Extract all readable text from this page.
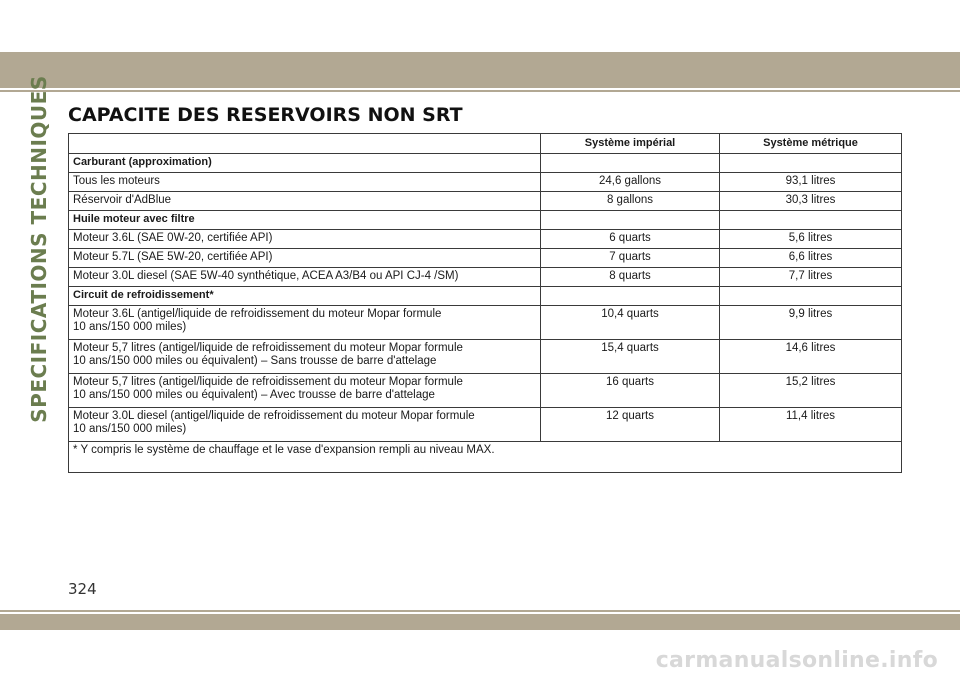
SPECIFICATIONS TECHNIQUES CAPACITE DES RESERVOIRS NON SRT
	Système impérial	Système métrique
Carburant (approximation)		
Tous les moteurs	24,6 gallons	93,1 litres
Réservoir d'AdBlue	8 gallons	30,3 litres
Huile moteur avec filtre		
Moteur 3.6L (SAE 0W-20, certifiée API)	6 quarts	5,6 litres
Moteur 5.7L (SAE 5W-20, certifiée API)	7 quarts	6,6 litres
Moteur 3.0L diesel (SAE 5W-40 synthétique, ACEA A3/B4 ou API CJ-4 /SM)	8 quarts	7,7 litres
Circuit de refroidissement*		

Moteur 3.6L (antigel/liquide de refroidissement du moteur Mopar formule
10 ans/150 000 miles)	10,4 quarts	9,9 litres

Moteur 5,7 litres (antigel/liquide de refroidissement du moteur Mopar formule
10 ans/150 000 miles ou équivalent) – Sans trousse de barre d'attelage	15,4 quarts	14,6 litres

Moteur 5,7 litres (antigel/liquide de refroidissement du moteur Mopar formule
10 ans/150 000 miles ou équivalent) – Avec trousse de barre d'attelage	16 quarts	15,2 litres

Moteur 3.0L diesel (antigel/liquide de refroidissement du moteur Mopar formule
10 ans/150 000 miles)	12 quarts	11,4 litres
* Y compris le système de chauffage et le vase d'expansion rempli au niveau MAX.		
324
carmanualsonline.info
